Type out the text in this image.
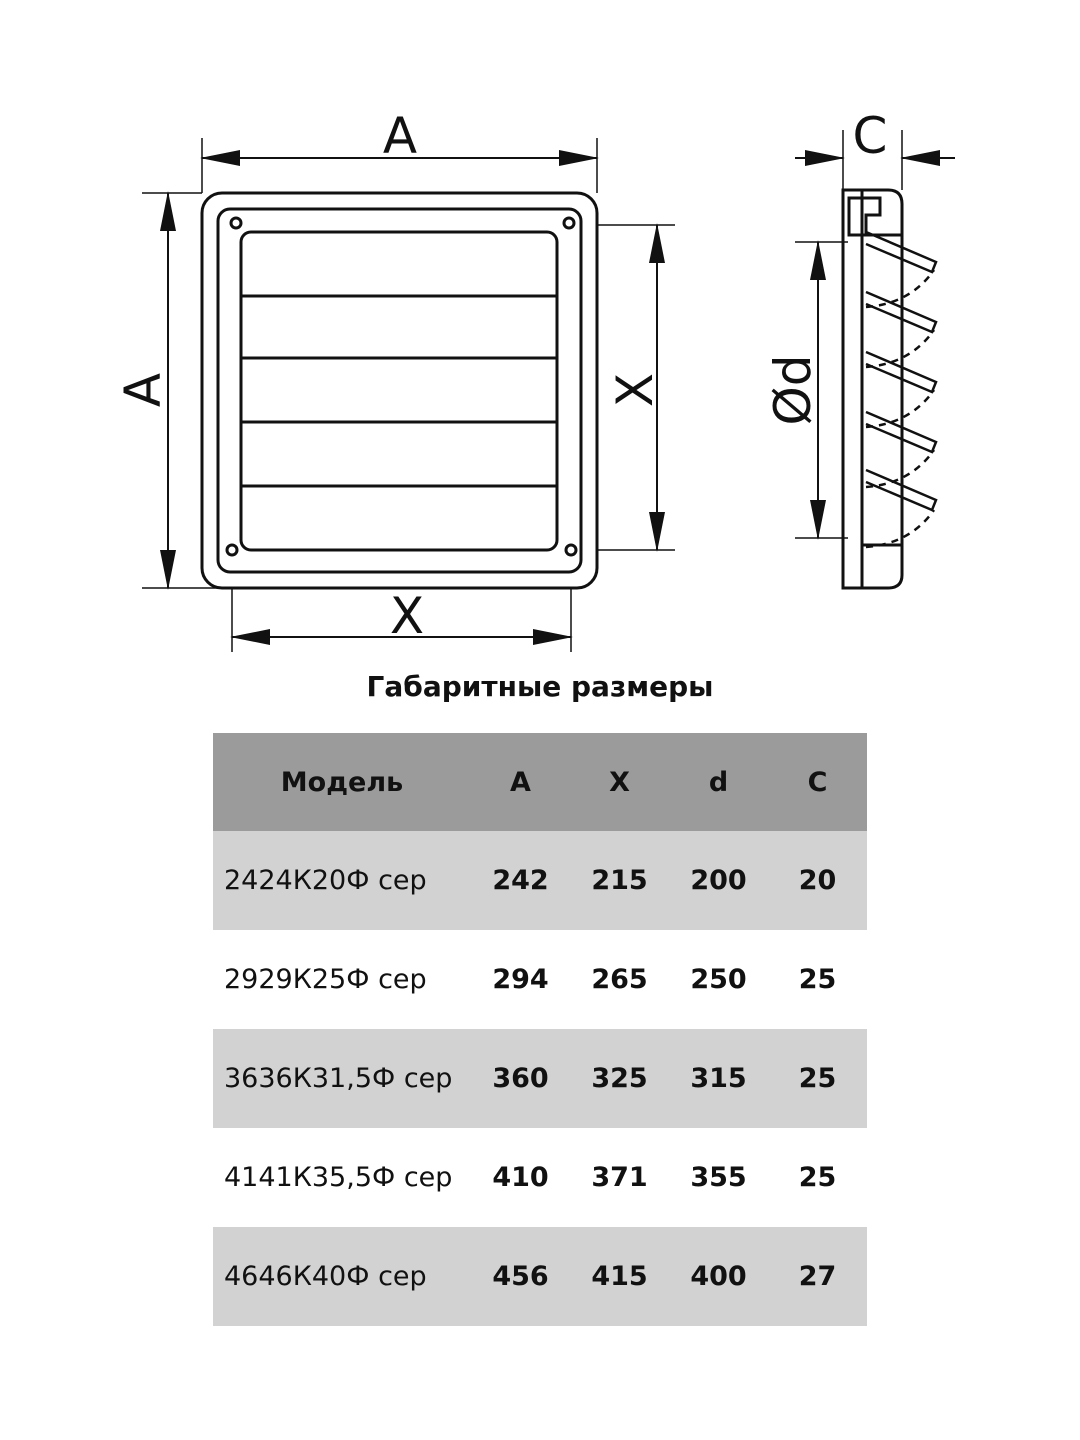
A
A	X
X
C
Ød
Габаритные размеры
Модель	A	X	d	C
2424К20Ф сер	242	215	200	20
2929К25Ф сер	294	265	250	25
3636К31,5Ф сер	360	325	315	25
4141К35,5Ф сер	410	371	355	25
4646К40Ф сер	456	415	400	27
